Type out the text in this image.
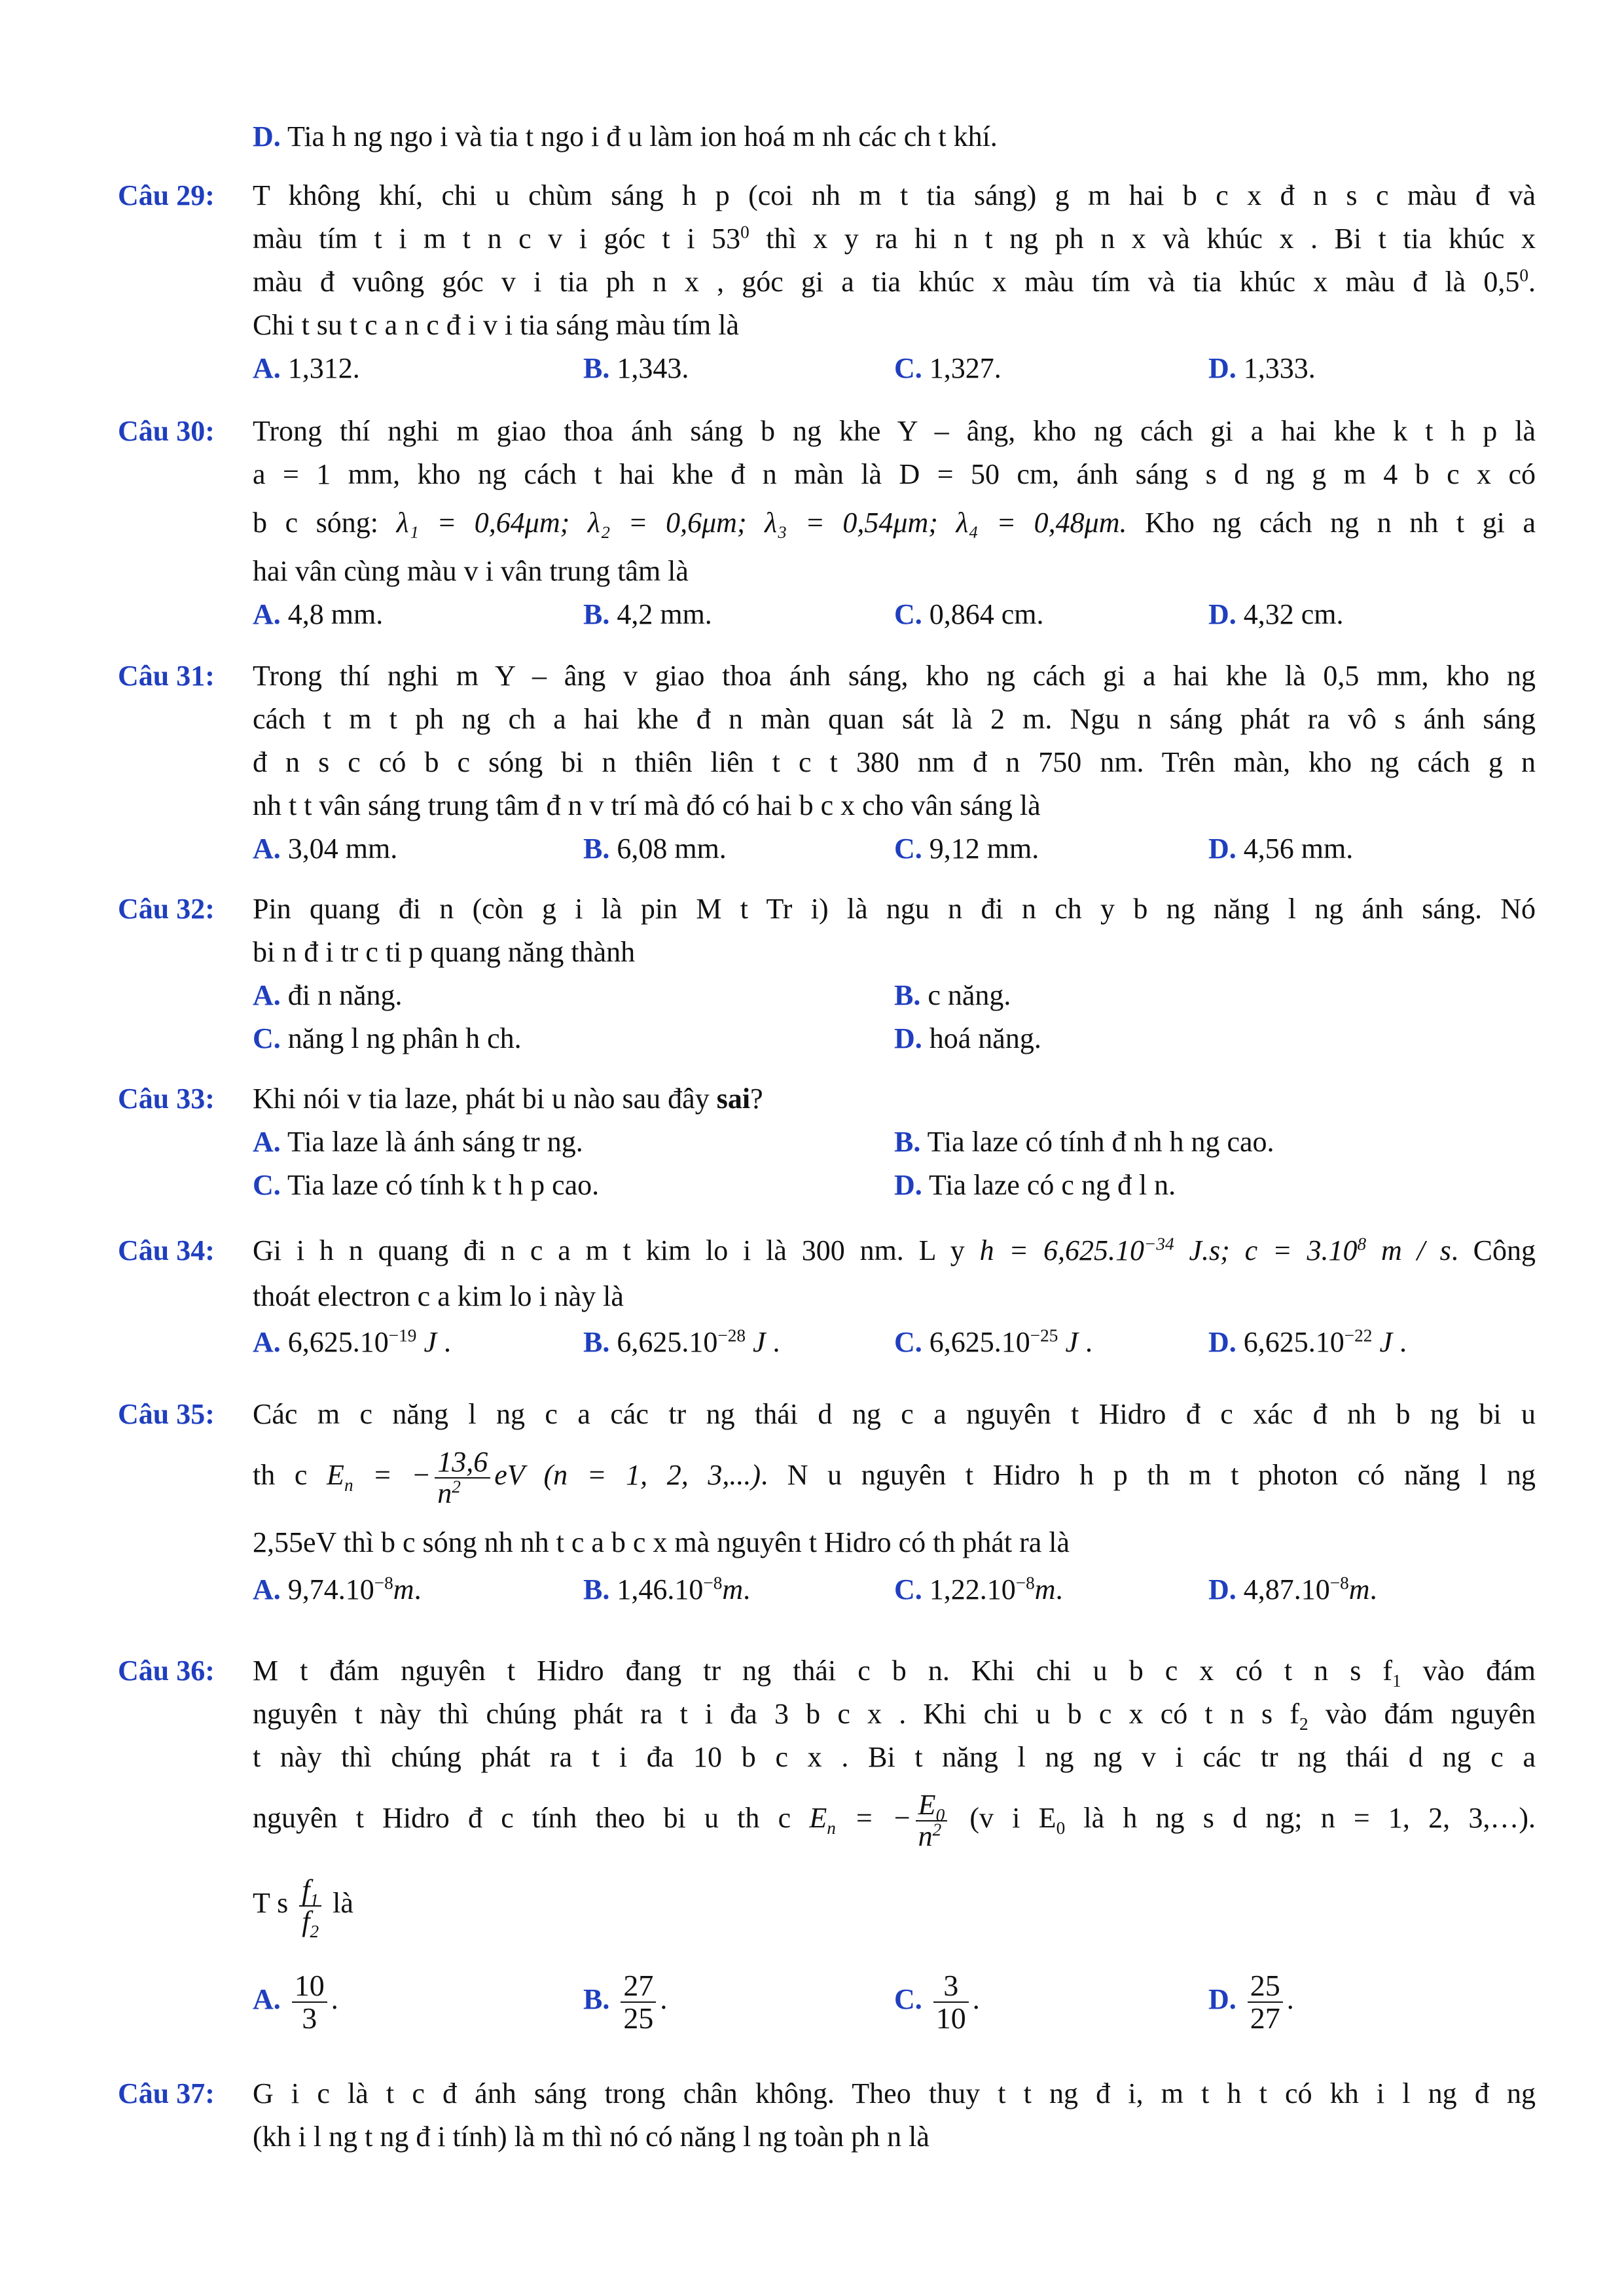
D. Tia h ng ngo i và tia t ngo i đ u làm ion hoá m nh các ch t khí.
Câu 29:	T không khí, chi u chùm sáng h p (coi nh m t tia sáng) g m hai b c x đ n s c màu đ và
màu tím t i m t n c v i góc t i $53^0$ thì x y ra hi n t ng ph n x và khúc x . Bi t tia khúc x
màu đ vuông góc v i tia ph n x , góc gi a tia khúc x màu tím và tia khúc x màu đ là $0,5^0$.
Chi t su t c a n c đ i v i tia sáng màu tím là
A. 1,312.	B. 1,343.	C. 1,327.	D. 1,333.
Câu 30:	Trong thí nghi m giao thoa ánh sáng b ng khe Y – âng, kho ng cách gi a hai khe k t h p là
a = 1 mm, kho ng cách t hai khe đ n màn là D = 50 cm, ánh sáng s d ng g m 4 b c x có
b c sóng: λ₁ = 0,64μm; λ₂ = 0,6μm; λ₃ = 0,54μm; λ₄ = 0,48μm. Kho ng cách ng n nh t gi a
hai vân cùng màu v i vân trung tâm là
A. 4,8 mm.	B. 4,2 mm.	C. 0,864 cm.	D. 4,32 cm.
Câu 31:	Trong thí nghi m Y – âng v giao thoa ánh sáng, kho ng cách gi a hai khe là 0,5 mm, kho ng
cách t m t ph ng ch a hai khe đ n màn quan sát là 2 m. Ngu n sáng phát ra vô s ánh sáng
đ n s c có b c sóng bi n thiên liên t c t 380 nm đ n 750 nm. Trên màn, kho ng cách g n
nh t t vân sáng trung tâm đ n v trí mà đó có hai b c x cho vân sáng là
A. 3,04 mm.	B. 6,08 mm.	C. 9,12 mm.	D. 4,56 mm.
Câu 32:	Pin quang đi n (còn g i là pin M t Tr i) là ngu n đi n ch y b ng năng l ng ánh sáng. Nó
bi n đ i tr c ti p quang năng thành
A. đi n năng.	B. c năng.
C. năng l ng phân h ch.	D. hoá năng.
Câu 33:	Khi nói v tia laze, phát bi u nào sau đây sai?
A. Tia laze là ánh sáng tr ng.	B. Tia laze có tính đ nh h ng cao.
C. Tia laze có tính k t h p cao.	D. Tia laze có c ng đ l n.
Câu 34:	Gi i h n quang đi n c a m t kim lo i là 300 nm. L y $h = 6,625.10^{-34}$ J.s; $c = 3.10^8$ m / s. Công
thoát electron c a kim lo i này là
A. $6,625.10^{-19}$ J .	B. $6,625.10^{-28}$ J .	C. $6,625.10^{-25}$ J .	D. $6,625.10^{-22}$ J .
Câu 35:	Các m c năng l ng c a các tr ng thái d ng c a nguyên t Hidro đ c xác đ nh b ng bi u
th c $E_n$ = − $\frac{13,6}{n^2}$ eV (n = 1, 2, 3,...). N u nguyên t Hidro h p th m t photon có năng l ng
2,55eV thì b c sóng nh nh t c a b c x mà nguyên t Hidro có th phát ra là
A. $9,74.10^{-8}m$.	B. $1,46.10^{-8}m$.	C. $1,22.10^{-8}m$.	D. $4,87.10^{-8}m$.
Câu 36:	M t đám nguyên t Hidro đang tr ng thái c b n. Khi chi u b c x có t n s $f_1$ vào đám
nguyên t này thì chúng phát ra t i đa 3 b c x . Khi chi u b c x có t n s $f_2$ vào đám nguyên
t này thì chúng phát ra t i đa 10 b c x . Bi t năng l ng ng v i các tr ng thái d ng c a
nguyên t Hidro đ c tính theo bi u th c $E_n$ = − $\frac{E_0}{n^2} (v$ i $E_0$ là h ng s d ng; n = 1, 2, 3,…).
T s $\frac{f_1}{f_2}$ là
A. $\frac{10}{3}$ .	B. $\frac{27}{25}$ .	C. $\frac{3}{10}$ .	D. $\frac{25}{27}$ .
Câu 37:	G i c là t c đ ánh sáng trong chân không. Theo thuy t t ng đ i, m t h t có kh i l ng đ ng
(kh i l ng t ng đ i tính) là m thì nó có năng l ng toàn ph n là
